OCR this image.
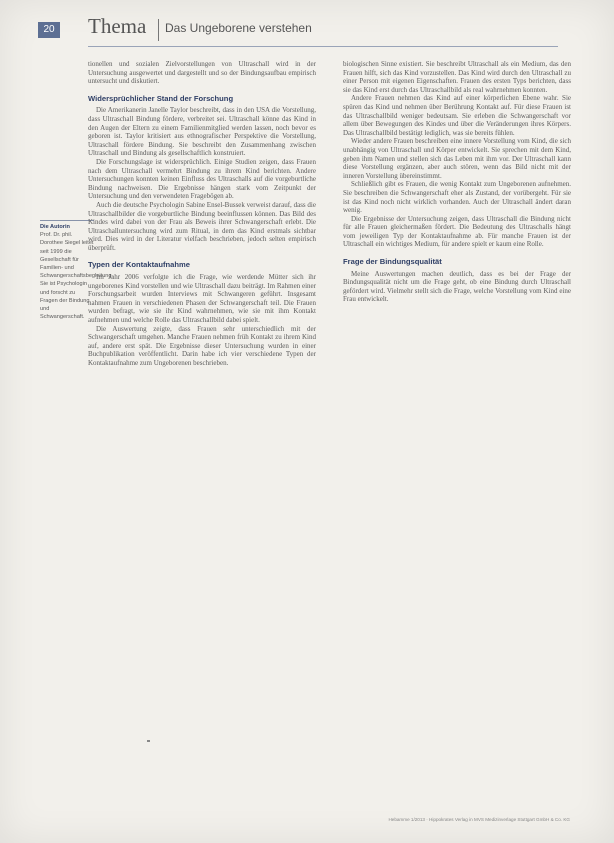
20 Thema Das Ungeborene verstehen
Die Autorin
Prof. Dr. phil. Dorothee Siegel leitet seit 1999 die Gesellschaft für Familien- und Schwangerschaftsbegleitung. Sie ist Psychologin und forscht zu Fragen der Bindung und Schwangerschaft.

tionellen und sozialen Zielvorstellungen von Ultraschall wird in der Untersuchung ausgewertet und dargestellt und so der Bindungsaufbau empirisch untersucht und diskutiert.

Widersprüchlicher Stand der Forschung

Die Amerikanerin Janelle Taylor beschreibt, dass in den USA die Vorstellung, dass Ultraschall Bindung fördere, verbreitet sei. Ultraschall könne das Kind in den Augen der Eltern zu einem Familienmitglied werden lassen, noch bevor es geboren ist. Taylor kritisiert aus ethnografischer Perspektive die Vorstellung, Ultraschall fördere Bindung. Sie beschreibt den Zusammenhang zwischen Ultraschall und Bindung als gesellschaftlich konstruiert.

Die Forschungslage ist widersprüchlich. Einige Studien zeigen, dass Frauen nach dem Ultraschall vermehrt Bindung zu ihrem Kind berichten. Andere Untersuchungen konnten keinen Einfluss des Ultraschalls auf die vorgeburtliche Bindung nachweisen. Die Ergebnisse hängen stark vom Zeitpunkt der Untersuchung und den verwendeten Fragebögen ab.

Auch die deutsche Psychologin Sabine Ensel-Bussek verweist darauf, dass die Ultraschallbilder die vorgeburtliche Bindung beeinflussen können. Das Bild des Kindes wird dabei von der Frau als Beweis ihrer Schwangerschaft erlebt. Die Ultraschalluntersuchung wird zum Ritual, in dem das Kind erstmals sichtbar wird. Dies wird in der Literatur vielfach beschrieben, jedoch selten empirisch überprüft.

Typen der Kontaktaufnahme

Im Jahr 2006 verfolgte ich die Frage, wie werdende Mütter sich ihr ungeborenes Kind vorstellen und wie Ultraschall dazu beiträgt. Im Rahmen einer Forschungsarbeit wurden Interviews mit Schwangeren geführt. Insgesamt nahmen Frauen in verschiedenen Phasen der Schwangerschaft teil. Die Frauen wurden befragt, wie sie ihr Kind wahrnehmen, wie sie mit ihm Kontakt aufnehmen und welche Rolle das Ultraschallbild dabei spielt.

Die Auswertung zeigte, dass Frauen sehr unterschiedlich mit der Schwangerschaft umgehen. Manche Frauen nehmen früh Kontakt zu ihrem Kind auf, andere erst spät. Die Ergebnisse dieser Untersuchung wurden in einer Buchpublikation veröffentlicht. Darin habe ich vier verschiedene Typen der Kontaktaufnahme zum Ungeborenen beschrieben.

biologischen Sinne existiert. Sie beschreibt Ultraschall als ein Medium, das den Frauen hilft, sich das Kind vorzustellen. Das Kind wird durch den Ultraschall zu einer Person mit eigenen Eigenschaften. Frauen des ersten Typs berichten, dass sie das Kind erst durch das Ultraschallbild als real wahrnehmen konnten.

Andere Frauen nehmen das Kind auf einer körperlichen Ebene wahr. Sie spüren das Kind und nehmen über Berührung Kontakt auf. Für diese Frauen ist das Ultraschallbild weniger bedeutsam. Sie erleben die Schwangerschaft vor allem über Bewegungen des Kindes und über die Veränderungen ihres Körpers. Das Ultraschallbild bestätigt lediglich, was sie bereits fühlen.

Wieder andere Frauen beschreiben eine innere Vorstellung vom Kind, die sich unabhängig von Ultraschall und Körper entwickelt. Sie sprechen mit dem Kind, geben ihm Namen und stellen sich das Leben mit ihm vor. Der Ultraschall kann diese Vorstellung ergänzen, aber auch stören, wenn das Bild nicht mit der inneren Vorstellung übereinstimmt.

Schließlich gibt es Frauen, die wenig Kontakt zum Ungeborenen aufnehmen. Sie beschreiben die Schwangerschaft eher als Zustand, der vorübergeht. Für sie ist das Kind noch nicht wirklich vorhanden. Auch der Ultraschall ändert daran wenig.

Die Ergebnisse der Untersuchung zeigen, dass Ultraschall die Bindung nicht für alle Frauen gleichermaßen fördert. Die Bedeutung des Ultraschalls hängt vom jeweiligen Typ der Kontaktaufnahme ab. Für manche Frauen ist der Ultraschall ein wichtiges Medium, für andere spielt er kaum eine Rolle.

Frage der Bindungsqualität

Meine Auswertungen machen deutlich, dass es bei der Frage der Bindungsqualität nicht um die Frage geht, ob eine Bindung durch Ultraschall gefördert wird. Vielmehr stellt sich die Frage, welche Vorstellung vom Kind eine Frau entwickelt.

Hebamme 1/2013 · Hippokrates Verlag in MVS Medizinverlage Stuttgart GmbH & Co. KG
